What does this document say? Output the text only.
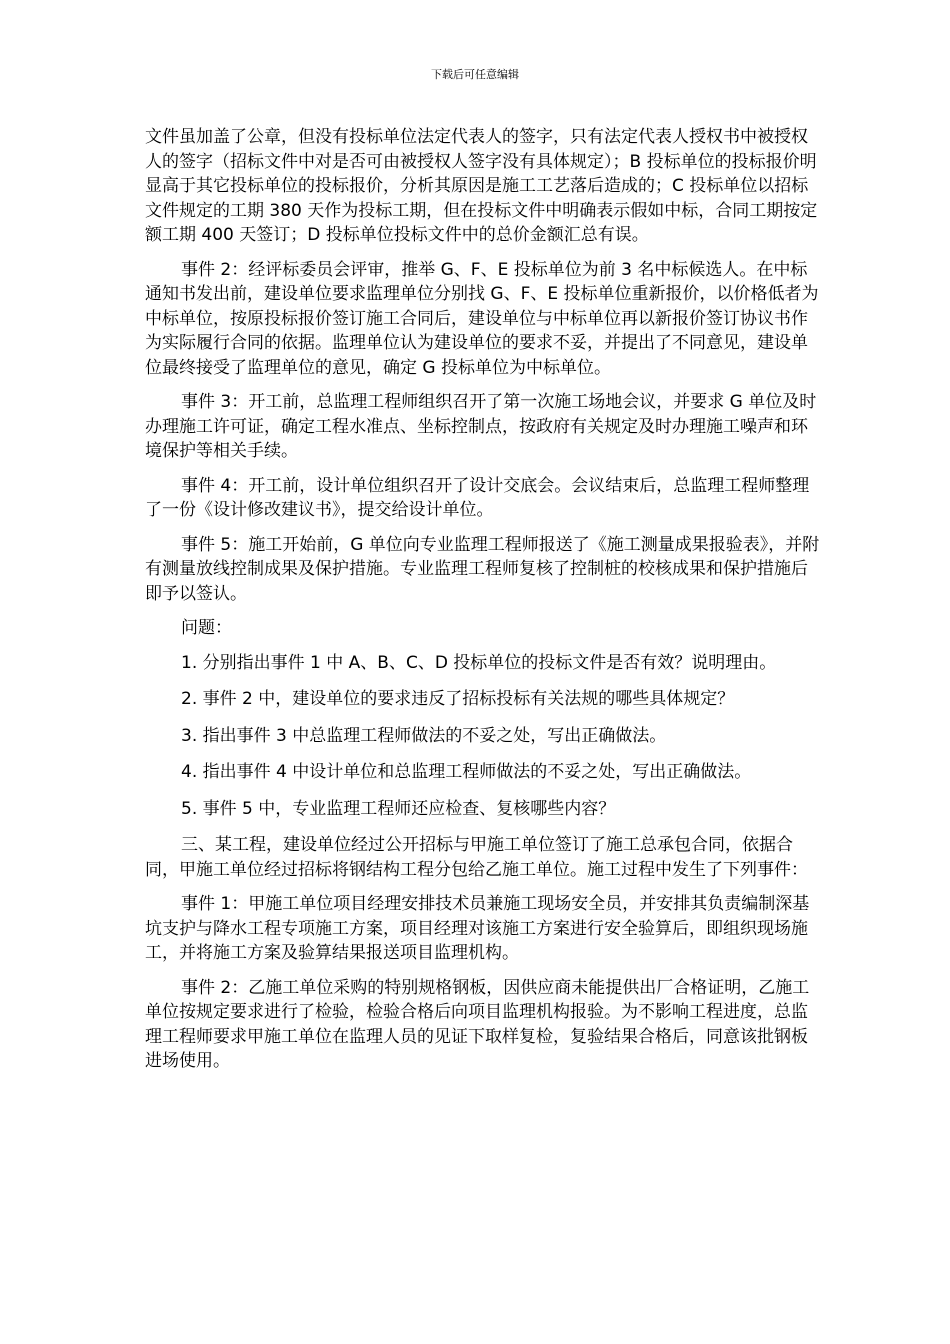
下载后可任意编辑

文件虽加盖了公章，但没有投标单位法定代表人的签字，只有法定代表人授权书中被授权人的签字（招标文件中对是否可由被授权人签字没有具体规定）；B 投标单位的投标报价明显高于其它投标单位的投标报价，分析其原因是施工工艺落后造成的；C 投标单位以招标文件规定的工期 380 天作为投标工期，但在投标文件中明确表示假如中标，合同工期按定额工期 400 天签订；D 投标单位投标文件中的总价金额汇总有误。

事件 2：经评标委员会评审，推举 G、F、E 投标单位为前 3 名中标候选人。在中标通知书发出前，建设单位要求监理单位分别找 G、F、E 投标单位重新报价，以价格低者为中标单位，按原投标报价签订施工合同后，建设单位与中标单位再以新报价签订协议书作为实际履行合同的依据。监理单位认为建设单位的要求不妥，并提出了不同意见，建设单位最终接受了监理单位的意见，确定 G 投标单位为中标单位。

事件 3：开工前，总监理工程师组织召开了第一次施工场地会议，并要求 G 单位及时办理施工许可证，确定工程水准点、坐标控制点，按政府有关规定及时办理施工噪声和环境保护等相关手续。

事件 4：开工前，设计单位组织召开了设计交底会。会议结束后，总监理工程师整理了一份《设计修改建议书》，提交给设计单位。

事件 5：施工开始前，G 单位向专业监理工程师报送了《施工测量成果报验表》，并附有测量放线控制成果及保护措施。专业监理工程师复核了控制桩的校核成果和保护措施后即予以签认。

问题：

1. 分别指出事件 1 中 A、B、C、D 投标单位的投标文件是否有效？说明理由。

2. 事件 2 中，建设单位的要求违反了招标投标有关法规的哪些具体规定？

3. 指出事件 3 中总监理工程师做法的不妥之处，写出正确做法。

4. 指出事件 4 中设计单位和总监理工程师做法的不妥之处，写出正确做法。

5. 事件 5 中，专业监理工程师还应检查、复核哪些内容？

三、某工程，建设单位经过公开招标与甲施工单位签订了施工总承包合同，依据合同，甲施工单位经过招标将钢结构工程分包给乙施工单位。施工过程中发生了下列事件：

事件 1：甲施工单位项目经理安排技术员兼施工现场安全员，并安排其负责编制深基坑支护与降水工程专项施工方案，项目经理对该施工方案进行安全验算后，即组织现场施工，并将施工方案及验算结果报送项目监理机构。

事件 2：乙施工单位采购的特别规格钢板，因供应商未能提供出厂合格证明，乙施工单位按规定要求进行了检验，检验合格后向项目监理机构报验。为不影响工程进度，总监理工程师要求甲施工单位在监理人员的见证下取样复检，复验结果合格后，同意该批钢板进场使用。
